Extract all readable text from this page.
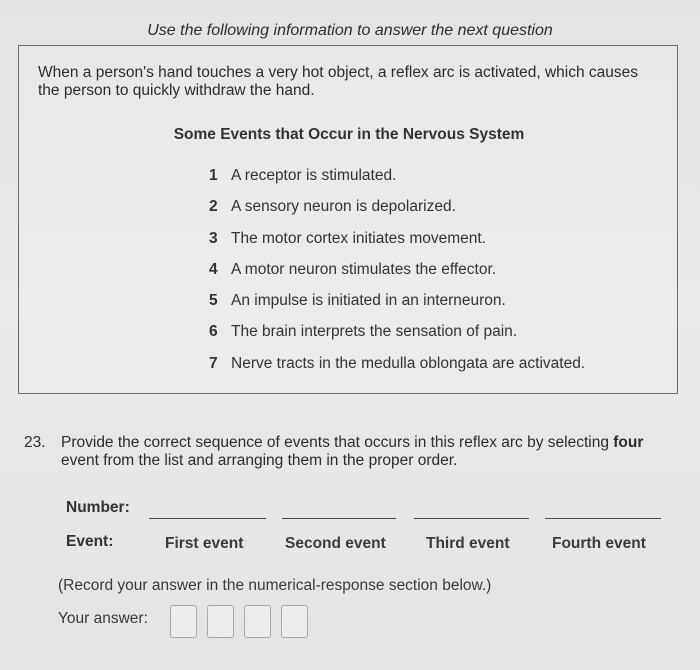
Use the following information to answer the next question
When a person's hand touches a very hot object, a reflex arc is activated, which causes the person to quickly withdraw the hand.
Some Events that Occur in the Nervous System
1 A receptor is stimulated.
2 A sensory neuron is depolarized.
3 The motor cortex initiates movement.
4 A motor neuron stimulates the effector.
5 An impulse is initiated in an interneuron.
6 The brain interprets the sensation of pain.
7 Nerve tracts in the medulla oblongata are activated.
23. Provide the correct sequence of events that occurs in this reflex arc by selecting four event from the list and arranging them in the proper order.
Number:
Event:	First event	Second event	Third event	Fourth event
(Record your answer in the numerical-response section below.)
Your answer:
